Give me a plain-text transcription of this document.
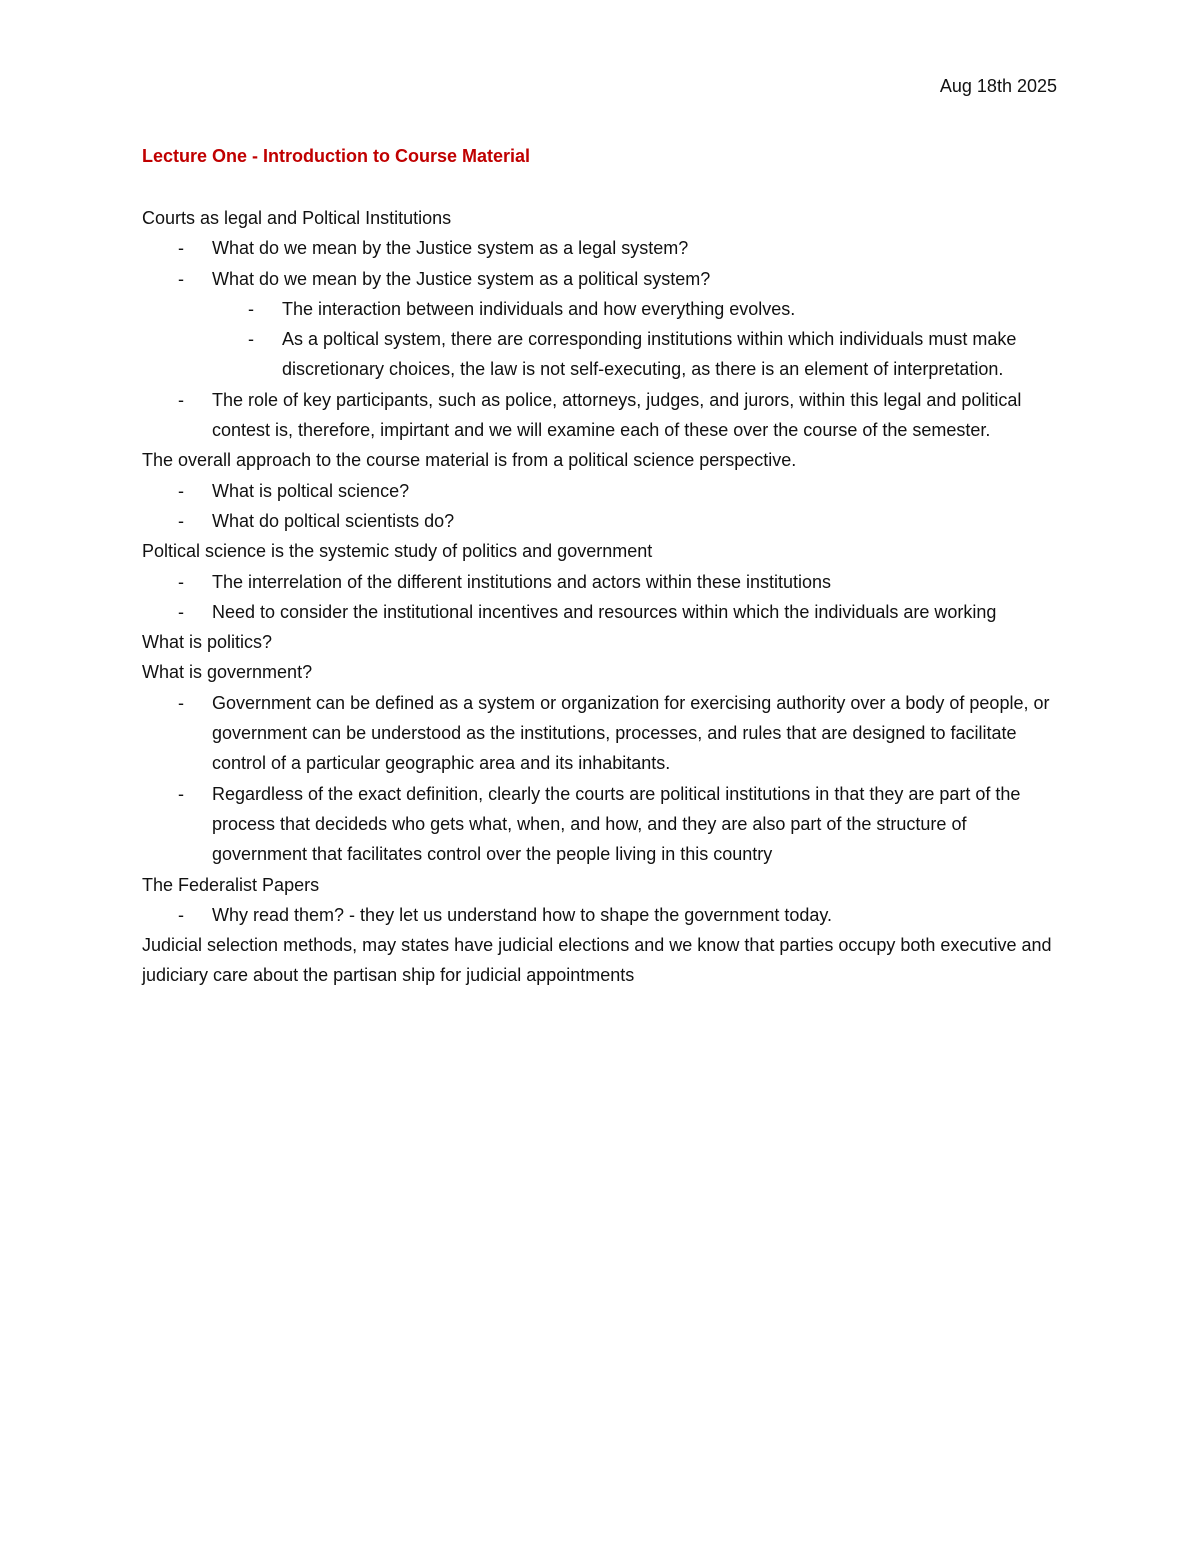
Aug 18th 2025
Lecture One - Introduction to Course Material
Courts as legal and Poltical Institutions
- What do we mean by the Justice system as a legal system?
- What do we mean by the Justice system as a political system?
- The interaction between individuals and how everything evolves.
- As a poltical system, there are corresponding institutions within which individuals must make discretionary choices, the law is not self-executing, as there is an element of interpretation.
- The role of key participants, such as police, attorneys, judges, and jurors, within this legal and political contest is, therefore, impirtant and we will examine each of these over the course of the semester.
The overall approach to the course material is from a political science perspective.
- What is poltical science?
- What do poltical scientists do?
Poltical science is the systemic study of politics and government
- The interrelation of the different institutions and actors within these institutions
- Need to consider the institutional incentives and resources within which the individuals are working
What is politics?
What is government?
- Government can be defined as a system or organization for exercising authority over a body of people, or government can be understood as the institutions, processes, and rules that are designed to facilitate control of a particular geographic area and its inhabitants.
- Regardless of the exact definition, clearly the courts are political institutions in that they are part of the process that decideds who gets what, when, and how, and they are also part of the structure of government that facilitates control over the people living in this country
The Federalist Papers
- Why read them? - they let us understand how to shape the government today.
Judicial selection methods, may states have judicial elections and we know that parties occupy both executive and judiciary care about the partisan ship for judicial appointments
